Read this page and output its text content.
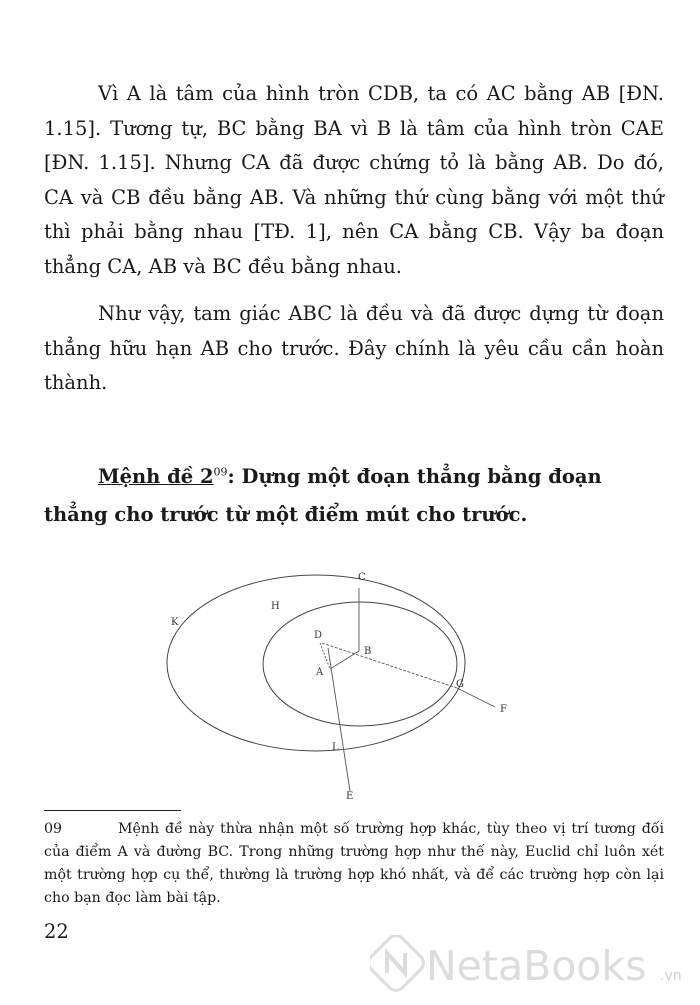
Vì A là tâm của hình tròn CDB, ta có AC bằng AB [ĐN. 1.15]. Tương tự, BC bằng BA vì B là tâm của hình tròn CAE [ĐN. 1.15]. Nhưng CA đã được chứng tỏ là bằng AB. Do đó, CA và CB đều bằng AB. Và những thứ cùng bằng với một thứ thì phải bằng nhau [TĐ. 1], nên CA bằng CB. Vậy ba đoạn thẳng CA, AB và BC đều bằng nhau.

Như vậy, tam giác ABC là đều và đã được dựng từ đoạn thẳng hữu hạn AB cho trước. Đây chính là yêu cầu cần hoàn thành.

Mệnh đề $2^{09}$: Dựng một đoạn thẳng bằng đoạn thẳng cho trước từ một điểm mút cho trước.

K
H
C
D
B
A
G
F
L
E

09	Mệnh đề này thừa nhận một số trường hợp khác, tùy theo vị trí tương đối của điểm A và đường BC. Trong những trường hợp như thế này, Euclid chỉ luôn xét một trường hợp cụ thể, thường là trường hợp khó nhất, và để các trường hợp còn lại cho bạn đọc làm bài tập.

22
NetaBooks .vn
